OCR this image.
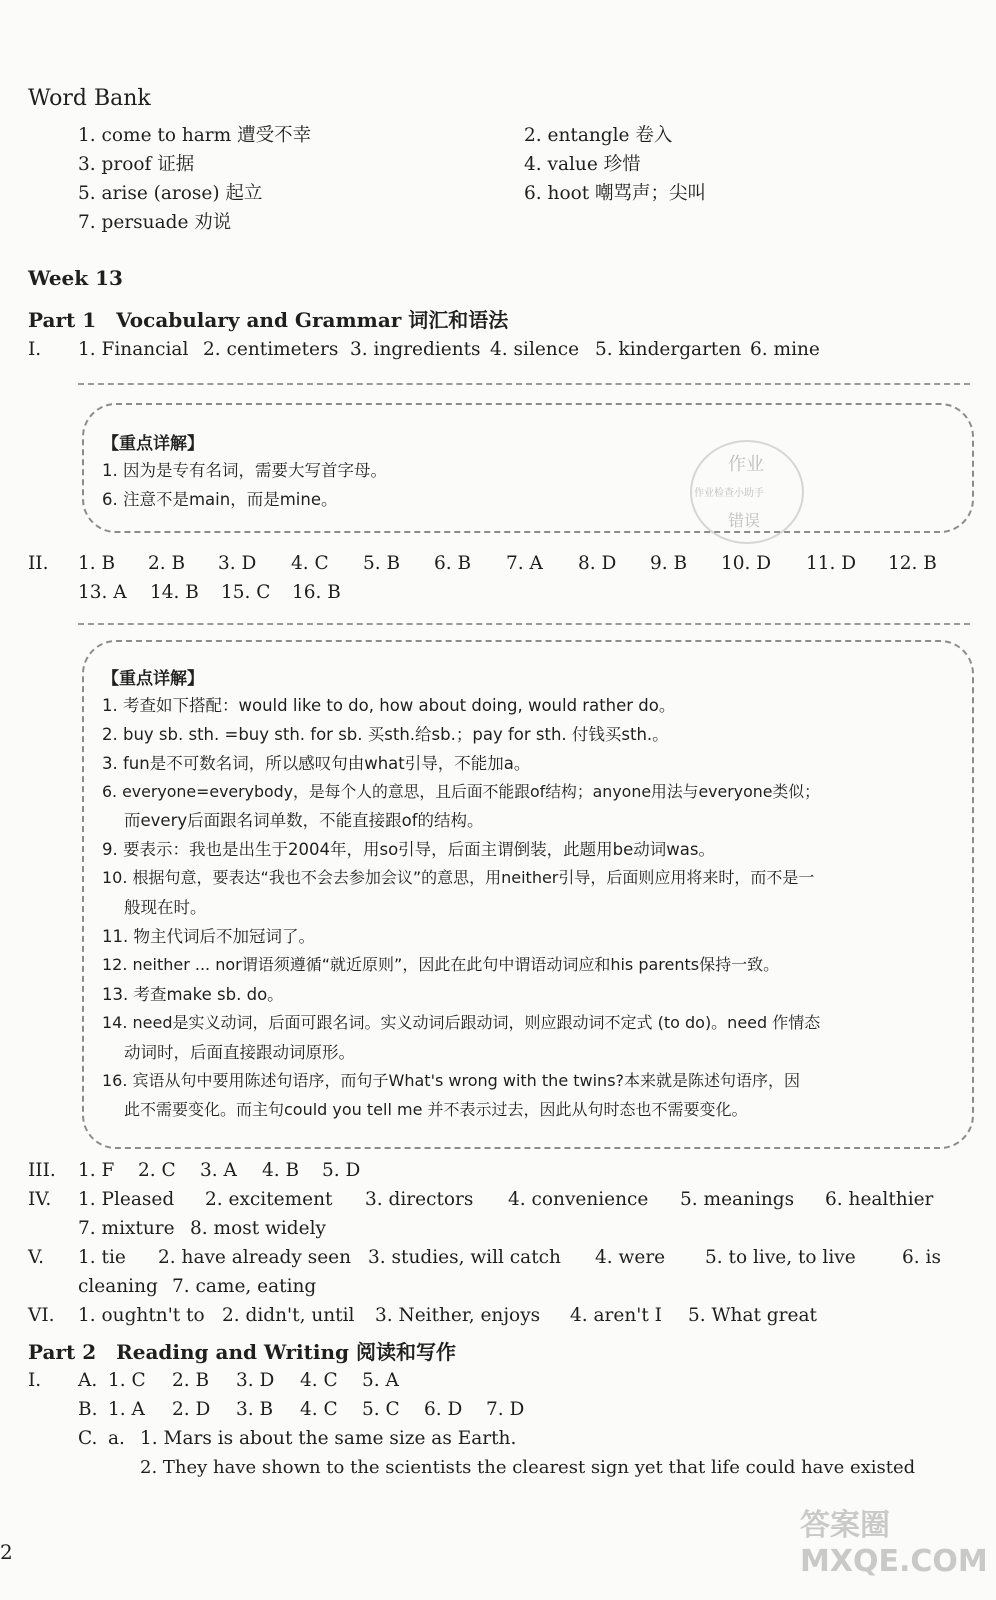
Word Bank
1. come to harm 遭受不幸	2. entangle 卷入
3. proof 证据	4. value 珍惜
5. arise (arose) 起立	6. hoot 嘲骂声；尖叫
7. persuade 劝说
Week 13
Part 1　Vocabulary and Grammar 词汇和语法
I. 1. Financial 2. centimeters 3. ingredients 4. silence 5. kindergarten 6. mine
【重点详解】
1. 因为是专有名词，需要大写首字母。
6. 注意不是main，而是mine。
作业
作业检查小助手
错误
II. 1. B 2. B 3. D 4. C 5. B 6. B 7. A 8. D 9. B 10. D 11. D 12. B
13. A 14. B 15. C 16. B
【重点详解】
1. 考查如下搭配：would like to do, how about doing, would rather do。
2. buy sb. sth. =buy sth. for sb. 买sth.给sb.；pay for sth. 付钱买sth.。
3. fun是不可数名词，所以感叹句由what引导，不能加a。
6. everyone=everybody，是每个人的意思，且后面不能跟of结构；anyone用法与everyone类似；
而every后面跟名词单数，不能直接跟of的结构。
9. 要表示：我也是出生于2004年，用so引导，后面主谓倒装，此题用be动词was。
10. 根据句意，要表达“我也不会去参加会议”的意思，用neither引导，后面则应用将来时，而不是一
般现在时。
11. 物主代词后不加冠词了。
12. neither ... nor谓语须遵循“就近原则”，因此在此句中谓语动词应和his parents保持一致。
13. 考查make sb. do。
14. need是实义动词，后面可跟名词。实义动词后跟动词，则应跟动词不定式 (to do)。need 作情态
动词时，后面直接跟动词原形。
16. 宾语从句中要用陈述句语序，而句子What's wrong with the twins?本来就是陈述句语序，因
此不需要变化。而主句could you tell me 并不表示过去，因此从句时态也不需要变化。
III. 1. F 2. C 3. A 4. B 5. D
IV. 1. Pleased 2. excitement 3. directors 4. convenience 5. meanings 6. healthier
7. mixture 8. most widely
V. 1. tie 2. have already seen 3. studies, will catch 4. were 5. to live, to live	6. is
cleaning 7. came, eating
VI. 1. oughtn't to 2. didn't, until 3. Neither, enjoys 4. aren't I 5. What great
Part 2　Reading and Writing 阅读和写作
I. A. 1. C 2. B 3. D 4. C 5. A
B. 1. A 2. D 3. B 4. C 5. C 6. D 7. D
C. a. 1. Mars is about the same size as Earth.
2. They have shown to the scientists the clearest sign yet that life could have existed
2
答案圈 MXQE.COM
